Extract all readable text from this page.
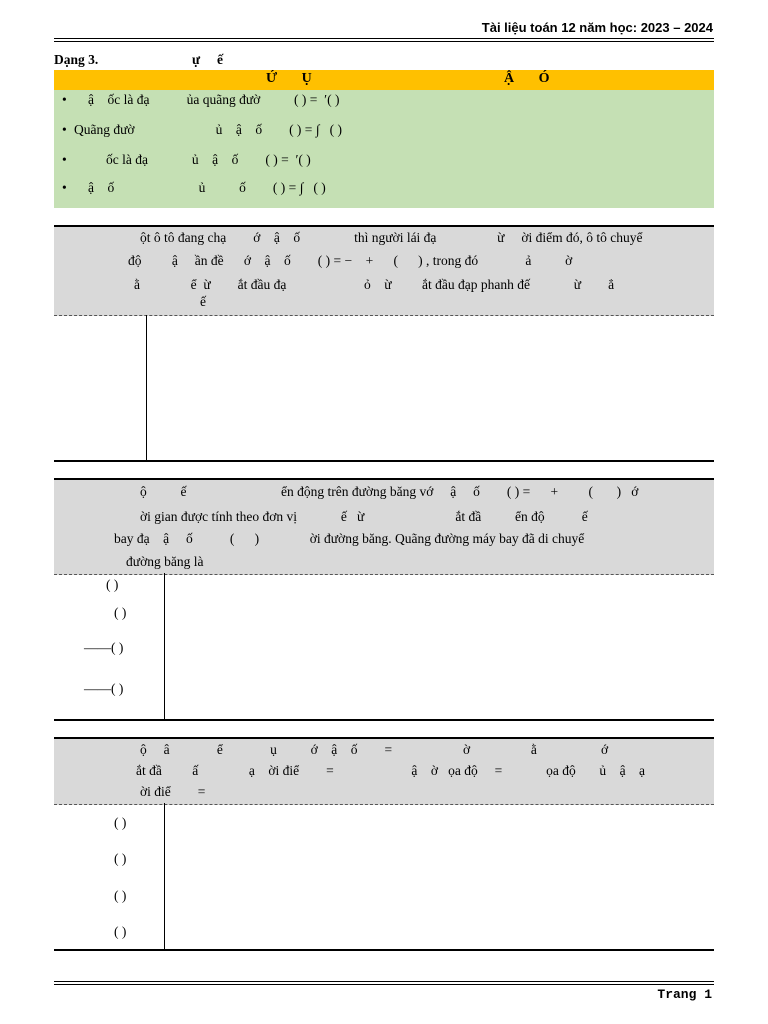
Tài liệu toán 12 năm học: 2023 – 2024
Dạng 3.	ự     ế

Ứ       Ụ

	Ậ       Ó

• ậ    ốc là đạ           ủa quãng đườ          ( ) =  ′( )
• Quãng đườ                        ủ    ậ    ố        ( ) = ∫   ( )
•	ốc là đạ             ủ    ậ    ố        ( ) =  ′( )
• ậ    ố                         ủ          ố        ( ) = ∫   ( )
ột ô tô đang chạ        ớ    ậ    ố                thì người lái đạ                  ừ     ời điểm đó, ô tô chuyể
độ         ậ     ần đề      ớ    ậ    ố        ( ) = −    +      (      ) , trong đó              ả          ờ
ằ               ể  ừ        ắt đầu đạ                       ỏ    ừ         ắt đầu đạp phanh đế             ừ        ẳ
ế
ộ          ế                            ển động trên đường băng vớ     ậ     ố        ( ) =      +         (       )   ớ
ời gian được tính theo đơn vị             ế   ừ                           ắt đầ          ển độ           ế
bay đạ    ậ     ố           (      )               ời đường băng. Quãng đường máy bay đã di chuyể
đường băng là
( )
( )
——( )
——( )
ộ     â              ể              ụ          ớ    ậ    ố        =                     ờ                  ằ                   ớ
ắt đầ         ấ               ạ    ời điể        =                       ậ    ờ   ọa độ     =             ọa độ       ủ    ậ    ạ
ời điể        =
( )
( )
( )
( )
Trang 1
